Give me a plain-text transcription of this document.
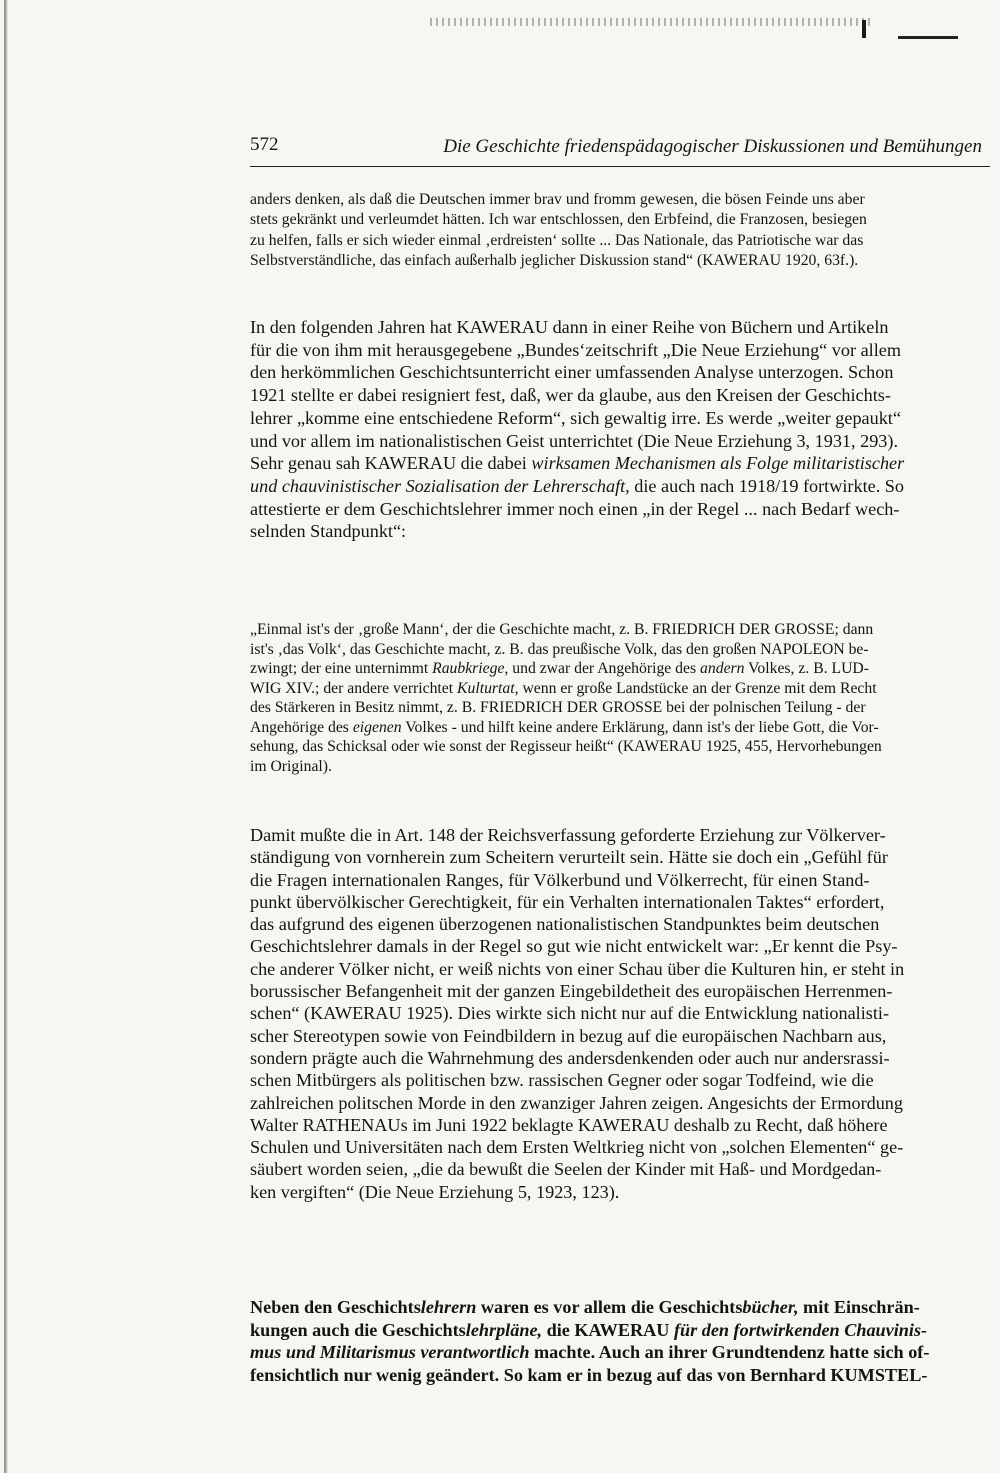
572	Die Geschichte friedenspädagogischer Diskussionen und Bemühungen
anders denken, als daß die Deutschen immer brav und fromm gewesen, die bösen Feinde uns aber
stets gekränkt und verleumdet hätten. Ich war entschlossen, den Erbfeind, die Franzosen, besiegen
zu helfen, falls er sich wieder einmal ‚erdreisten‘ sollte ... Das Nationale, das Patriotische war das
Selbstverständliche, das einfach außerhalb jeglicher Diskussion stand“ (KAWERAU 1920, 63f.).
In den folgenden Jahren hat KAWERAU dann in einer Reihe von Büchern und Artikeln
für die von ihm mit herausgegebene „Bundes‘zeitschrift „Die Neue Erziehung“ vor allem
den herkömmlichen Geschichtsunterricht einer umfassenden Analyse unterzogen. Schon
1921 stellte er dabei resigniert fest, daß, wer da glaube, aus den Kreisen der Geschichts-
lehrer „komme eine entschiedene Reform“, sich gewaltig irre. Es werde „weiter gepaukt“
und vor allem im nationalistischen Geist unterrichtet (Die Neue Erziehung 3, 1931, 293).
Sehr genau sah KAWERAU die dabei wirksamen Mechanismen als Folge militaristischer
und chauvinistischer Sozialisation der Lehrerschaft, die auch nach 1918/19 fortwirkte. So
attestierte er dem Geschichtslehrer immer noch einen „in der Regel ... nach Bedarf wech-
selnden Standpunkt“:
„Einmal ist's der ‚große Mann‘, der die Geschichte macht, z. B. FRIEDRICH DER GROSSE; dann
ist's ‚das Volk‘, das Geschichte macht, z. B. das preußische Volk, das den großen NAPOLEON be-
zwingt; der eine unternimmt Raubkriege, und zwar der Angehörige des andern Volkes, z. B. LUD-
WIG XIV.; der andere verrichtet Kulturtat, wenn er große Landstücke an der Grenze mit dem Recht
des Stärkeren in Besitz nimmt, z. B. FRIEDRICH DER GROSSE bei der polnischen Teilung - der
Angehörige des eigenen Volkes - und hilft keine andere Erklärung, dann ist's der liebe Gott, die Vor-
sehung, das Schicksal oder wie sonst der Regisseur heißt“ (KAWERAU 1925, 455, Hervorhebungen
im Original).
Damit mußte die in Art. 148 der Reichsverfassung geforderte Erziehung zur Völkerver-
ständigung von vornherein zum Scheitern verurteilt sein. Hätte sie doch ein „Gefühl für
die Fragen internationalen Ranges, für Völkerbund und Völkerrecht, für einen Stand-
punkt übervölkischer Gerechtigkeit, für ein Verhalten internationalen Taktes“ erfordert,
das aufgrund des eigenen überzogenen nationalistischen Standpunktes beim deutschen
Geschichtslehrer damals in der Regel so gut wie nicht entwickelt war: „Er kennt die Psy-
che anderer Völker nicht, er weiß nichts von einer Schau über die Kulturen hin, er steht in
borussischer Befangenheit mit der ganzen Eingebildetheit des europäischen Herrenmen-
schen“ (KAWERAU 1925). Dies wirkte sich nicht nur auf die Entwicklung nationalisti-
scher Stereotypen sowie von Feindbildern in bezug auf die europäischen Nachbarn aus,
sondern prägte auch die Wahrnehmung des andersdenkenden oder auch nur andersrassi-
schen Mitbürgers als politischen bzw. rassischen Gegner oder sogar Todfeind, wie die
zahlreichen politschen Morde in den zwanziger Jahren zeigen. Angesichts der Ermordung
Walter RATHENAUs im Juni 1922 beklagte KAWERAU deshalb zu Recht, daß höhere
Schulen und Universitäten nach dem Ersten Weltkrieg nicht von „solchen Elementen“ ge-
säubert worden seien, „die da bewußt die Seelen der Kinder mit Haß- und Mordgedan-
ken vergiften“ (Die Neue Erziehung 5, 1923, 123).
Neben den Geschichtslehrern waren es vor allem die Geschichtsbücher, mit Einschrän-
kungen auch die Geschichtslehrpläne, die KAWERAU für den fortwirkenden Chauvinis-
mus und Militarismus verantwortlich machte. Auch an ihrer Grundtendenz hatte sich of-
fensichtlich nur wenig geändert. So kam er in bezug auf das von Bernhard KUMSTEL-
